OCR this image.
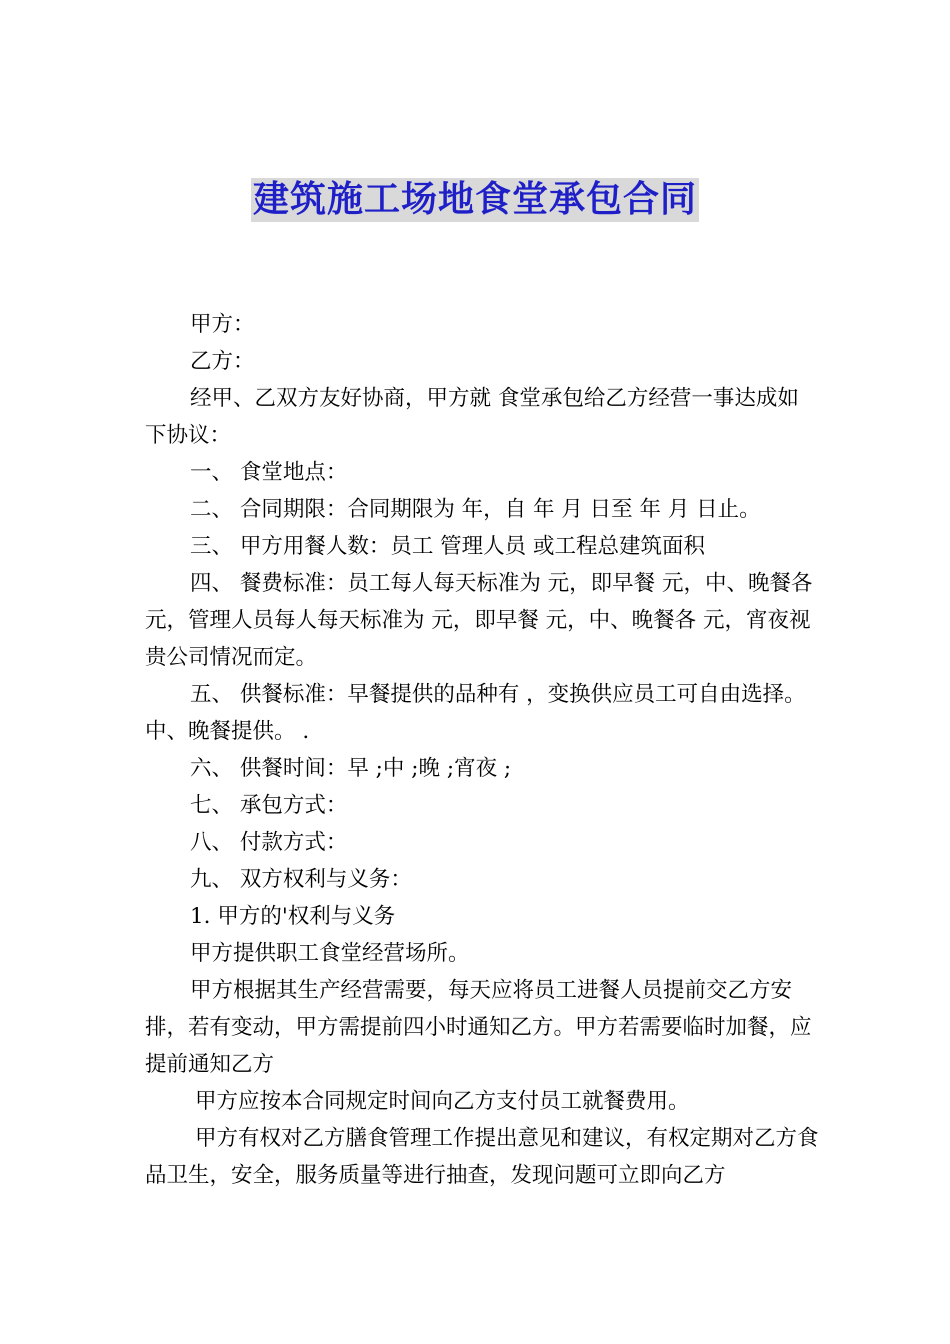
建筑施工场地食堂承包合同

甲方：

乙方：

经甲、乙双方友好协商，甲方就 食堂承包给乙方经营一事达成如下协议：

一、 食堂地点：

二、 合同期限：合同期限为 年，自 年 月 日至 年 月 日止。

三、 甲方用餐人数：员工 管理人员 或工程总建筑面积

四、 餐费标准：员工每人每天标准为 元，即早餐 元，中、晚餐各 元，管理人员每人每天标准为 元，即早餐 元，中、晚餐各 元，宵夜视贵公司情况而定。

五、 供餐标准：早餐提供的品种有 ，变换供应员工可自由选择。中、晚餐提供。 .

六、 供餐时间：早 ;中 ;晚 ;宵夜 ;

七、 承包方式：

八、 付款方式：

九、 双方权利与义务：

1. 甲方的'权利与义务

甲方提供职工食堂经营场所。

甲方根据其生产经营需要，每天应将员工进餐人员提前交乙方安排，若有变动，甲方需提前四小时通知乙方。甲方若需要临时加餐，应提前通知乙方

甲方应按本合同规定时间向乙方支付员工就餐费用。

甲方有权对乙方膳食管理工作提出意见和建议，有权定期对乙方食品卫生，安全，服务质量等进行抽查，发现问题可立即向乙方
